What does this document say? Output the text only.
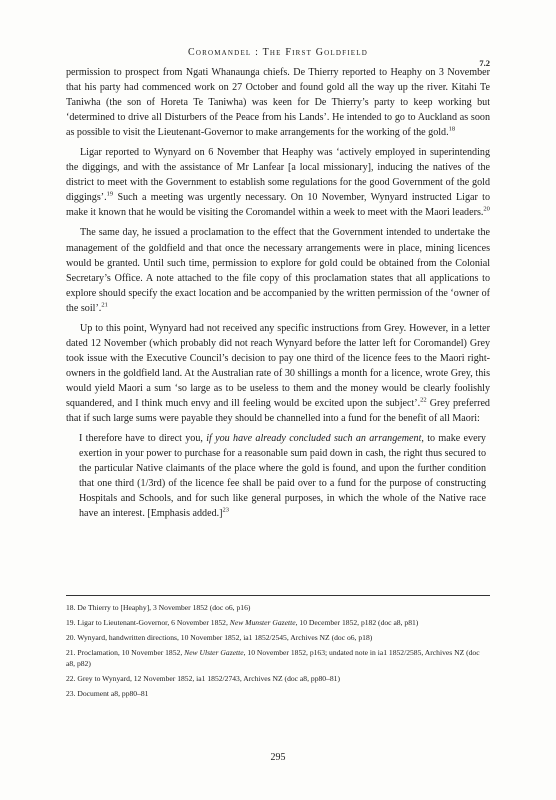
Coromandel : The First Goldfield
7.2

permission to prospect from Ngati Whanaunga chiefs. De Thierry reported to Heaphy on 3 November that his party had commenced work on 27 October and found gold all the way up the river. Kitahi Te Taniwha (the son of Horeta Te Taniwha) was keen for De Thierry’s party to keep working but ‘determined to drive all Disturbers of the Peace from his Lands’. He intended to go to Auckland as soon as possible to visit the Lieutenant-Governor to make arrangements for the working of the gold.$^{18}$

Ligar reported to Wynyard on 6 November that Heaphy was ‘actively employed in superintending the diggings, and with the assistance of Mr Lanfear [a local missionary], inducing the natives of the district to meet with the Government to establish some regulations for the good Government of the gold diggings’.$^{19}$ Such a meeting was urgently necessary. On 10 November, Wynyard instructed Ligar to make it known that he would be visiting the Coromandel within a week to meet with the Maori leaders.$^{20}$

The same day, he issued a proclamation to the effect that the Government intended to undertake the management of the goldfield and that once the necessary arrangements were in place, mining licences would be granted. Until such time, permission to explore for gold could be obtained from the Colonial Secretary’s Office. A note attached to the file copy of this proclamation states that all applications to explore should specify the exact location and be accompanied by the written permission of the ‘owner of the soil’.$^{21}$

Up to this point, Wynyard had not received any specific instructions from Grey. However, in a letter dated 12 November (which probably did not reach Wynyard before the latter left for Coromandel) Grey took issue with the Executive Council’s decision to pay one third of the licence fees to the Maori right-owners in the goldfield land. At the Australian rate of 30 shillings a month for a licence, wrote Grey, this would yield Maori a sum ‘so large as to be useless to them and the money would be clearly foolishly squandered, and I think much envy and ill feeling would be excited upon the subject’.$^{22}$ Grey preferred that if such large sums were payable they should be channelled into a fund for the benefit of all Maori:

I therefore have to direct you, if you have already concluded such an arrangement, to make every exertion in your power to purchase for a reasonable sum paid down in cash, the right thus secured to the particular Native claimants of the place where the gold is found, and upon the further condition that one third (1/3rd) of the licence fee shall be paid over to a fund for the purpose of constructing Hospitals and Schools, and for such like general purposes, in which the whole of the Native race have an interest. [Emphasis added.]$^{23}$

18. De Thierry to [Heaphy], 3 November 1852 (doc o6, p16)
19. Ligar to Lieutenant-Governor, 6 November 1852, New Munster Gazette, 10 December 1852, p182 (doc a8, p81)
20. Wynyard, handwritten directions, 10 November 1852, ia1 1852/2545, Archives NZ (doc o6, p18)
21. Proclamation, 10 November 1852, New Ulster Gazette, 10 November 1852, p163; undated note in ia1 1852/2585, Archives NZ (doc a8, p82)
22. Grey to Wynyard, 12 November 1852, ia1 1852/2743, Archives NZ (doc a8, pp80–81)
23. Document a8, pp80–81
295
